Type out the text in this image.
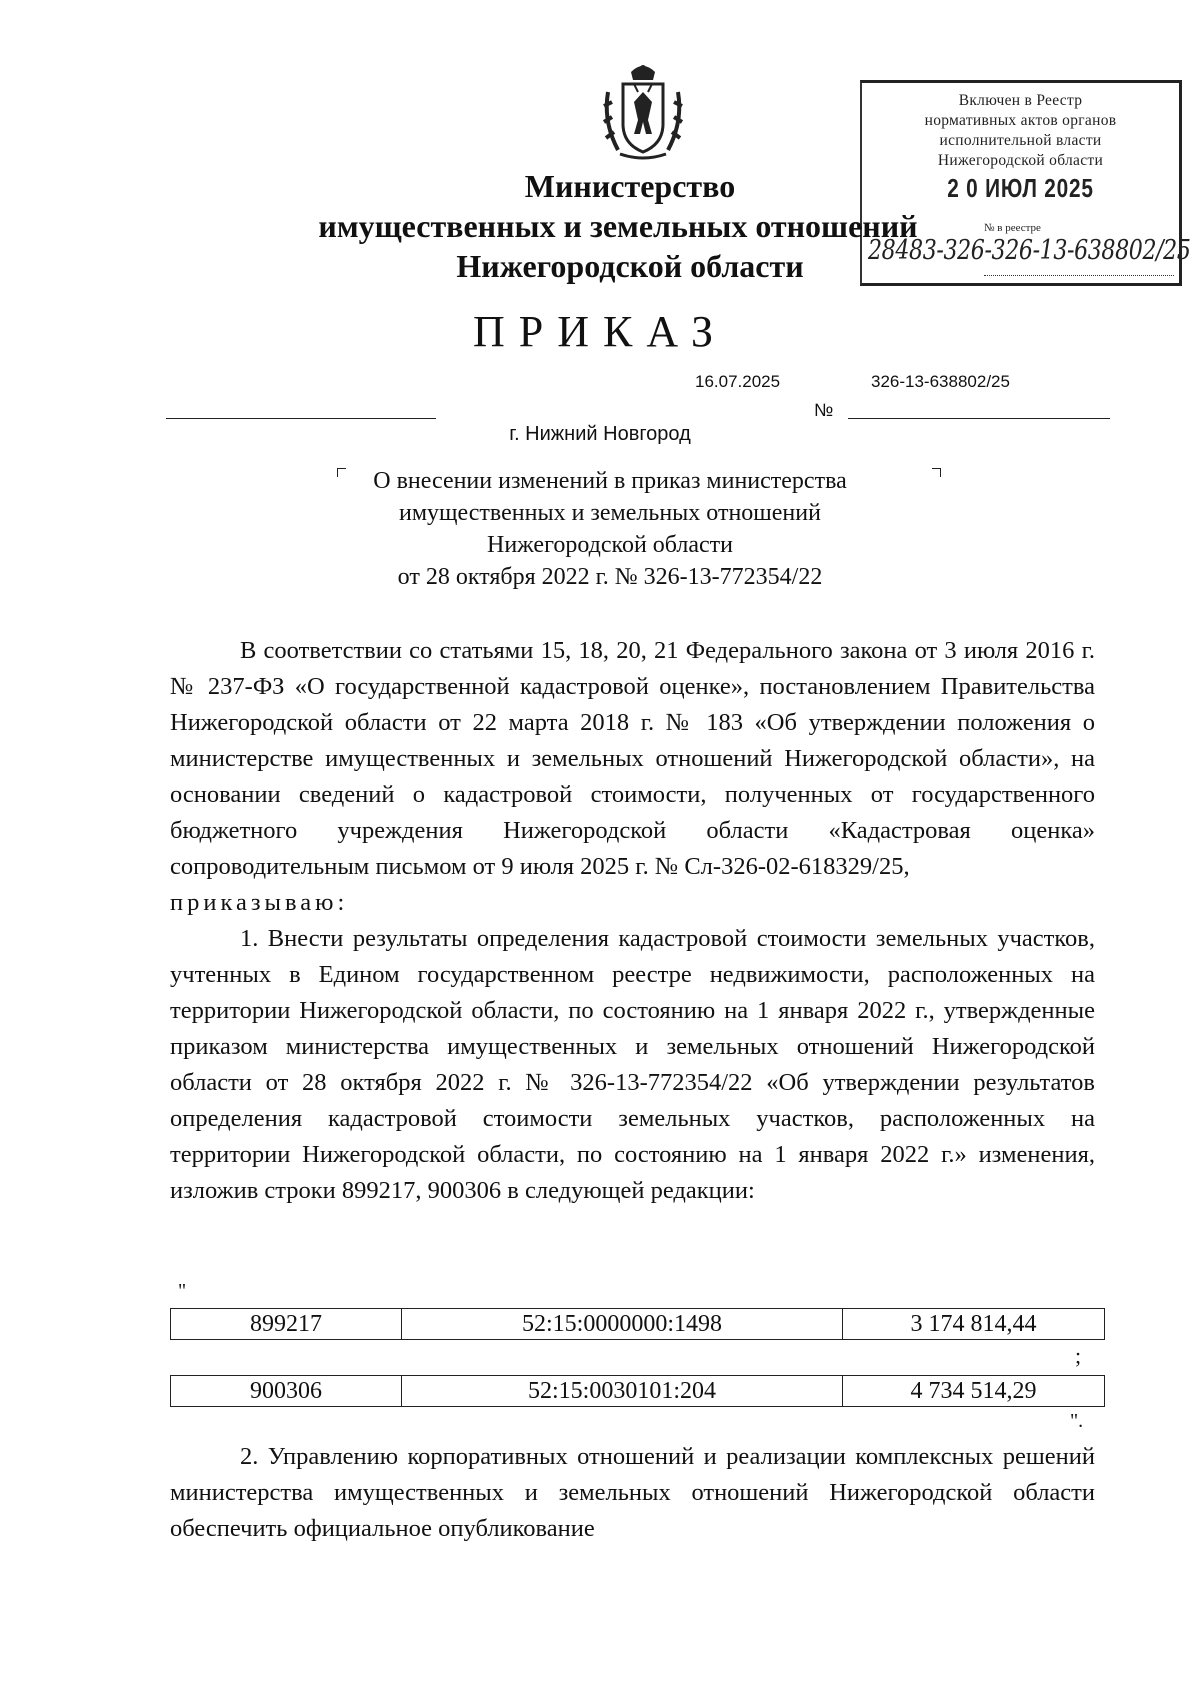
Включен в Реестр
нормативных актов органов
исполнительной власти
Нижегородской области
2 0 ИЮЛ 2025
№ в реестре
28483-326-326-13-638802/25
Министерство
имущественных и земельных отношений
Нижегородской области
ПРИКАЗ
16.07.2025	326-13-638802/25
№
г. Нижний Новгород
О внесении изменений в приказ министерства
имущественных и земельных отношений
Нижегородской области
от 28 октября 2022 г. № 326-13-772354/22

В соответствии со статьями 15, 18, 20, 21 Федерального закона от 3 июля 2016 г. № 237-ФЗ «О государственной кадастровой оценке», постановлением Правительства Нижегородской области от 22 марта 2018 г. № 183 «Об утверждении положения о министерстве имущественных и земельных отношений Нижегородской области», на основании сведений о кадастровой стоимости, полученных от государственного бюджетного учреждения Нижегородской области «Кадастровая оценка» сопроводительным письмом от 9 июля 2025 г. № Сл-326-02-618329/25,

приказываю:

1. Внести результаты определения кадастровой стоимости земельных участков, учтенных в Едином государственном реестре недвижимости, расположенных на территории Нижегородской области, по состоянию на 1 января 2022 г., утвержденные приказом министерства имущественных и земельных отношений Нижегородской области от 28 октября 2022 г. № 326-13-772354/22 «Об утверждении результатов определения кадастровой стоимости земельных участков, расположенных на территории Нижегородской области, по состоянию на 1 января 2022 г.» изменения, изложив строки 899217, 900306 в следующей редакции:

"
899217	52:15:0000000:1498	3 174 814,44
;
900306	52:15:0030101:204	4 734 514,29
".

2. Управлению корпоративных отношений и реализации комплексных решений министерства имущественных и земельных отношений Нижегородской области обеспечить официальное опубликование
